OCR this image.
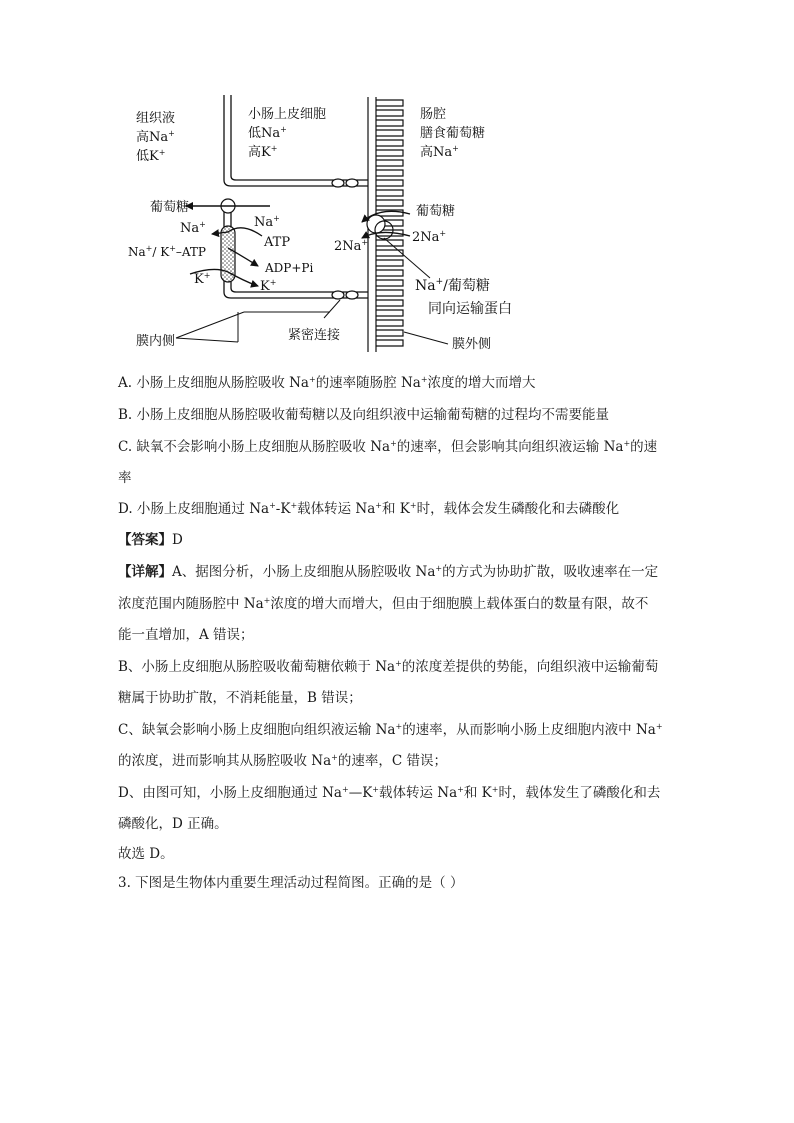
组织液
高Na+
低K+
小肠上皮细胞
低Na+
高K+
肠腔
膳食葡萄糖
高Na+
葡萄糖
Na+	Na+
ATP
Na+/ K+–ATP
ADP+Pi
K+
K+
葡萄糖
2Na+	2Na+
Na+/葡萄糖
同向运输蛋白
膜内侧	紧密连接
膜外侧
A. 小肠上皮细胞从肠腔吸收 Na+的速率随肠腔 Na+浓度的增大而增大
B. 小肠上皮细胞从肠腔吸收葡萄糖以及向组织液中运输葡萄糖的过程均不需要能量
C. 缺氧不会影响小肠上皮细胞从肠腔吸收 Na+的速率，但会影响其向组织液运输 Na+的速
率
D. 小肠上皮细胞通过 Na+-K+载体转运 Na+和 K+时，载体会发生磷酸化和去磷酸化
【答案】D
【详解】A、据图分析，小肠上皮细胞从肠腔吸收 Na+的方式为协助扩散，吸收速率在一定
浓度范围内随肠腔中 Na+浓度的增大而增大，但由于细胞膜上载体蛋白的数量有限，故不
能一直增加，A 错误；
B、小肠上皮细胞从肠腔吸收葡萄糖依赖于 Na+的浓度差提供的势能，向组织液中运输葡萄
糖属于协助扩散，不消耗能量，B 错误；
C、缺氧会影响小肠上皮细胞向组织液运输 Na+的速率，从而影响小肠上皮细胞内液中 Na+
的浓度，进而影响其从肠腔吸收 Na+的速率，C 错误；
D、由图可知，小肠上皮细胞通过 Na+—K+载体转运 Na+和 K+时，载体发生了磷酸化和去
磷酸化，D 正确。
故选 D。
3. 下图是生物体内重要生理活动过程简图。正确的是（ ）
